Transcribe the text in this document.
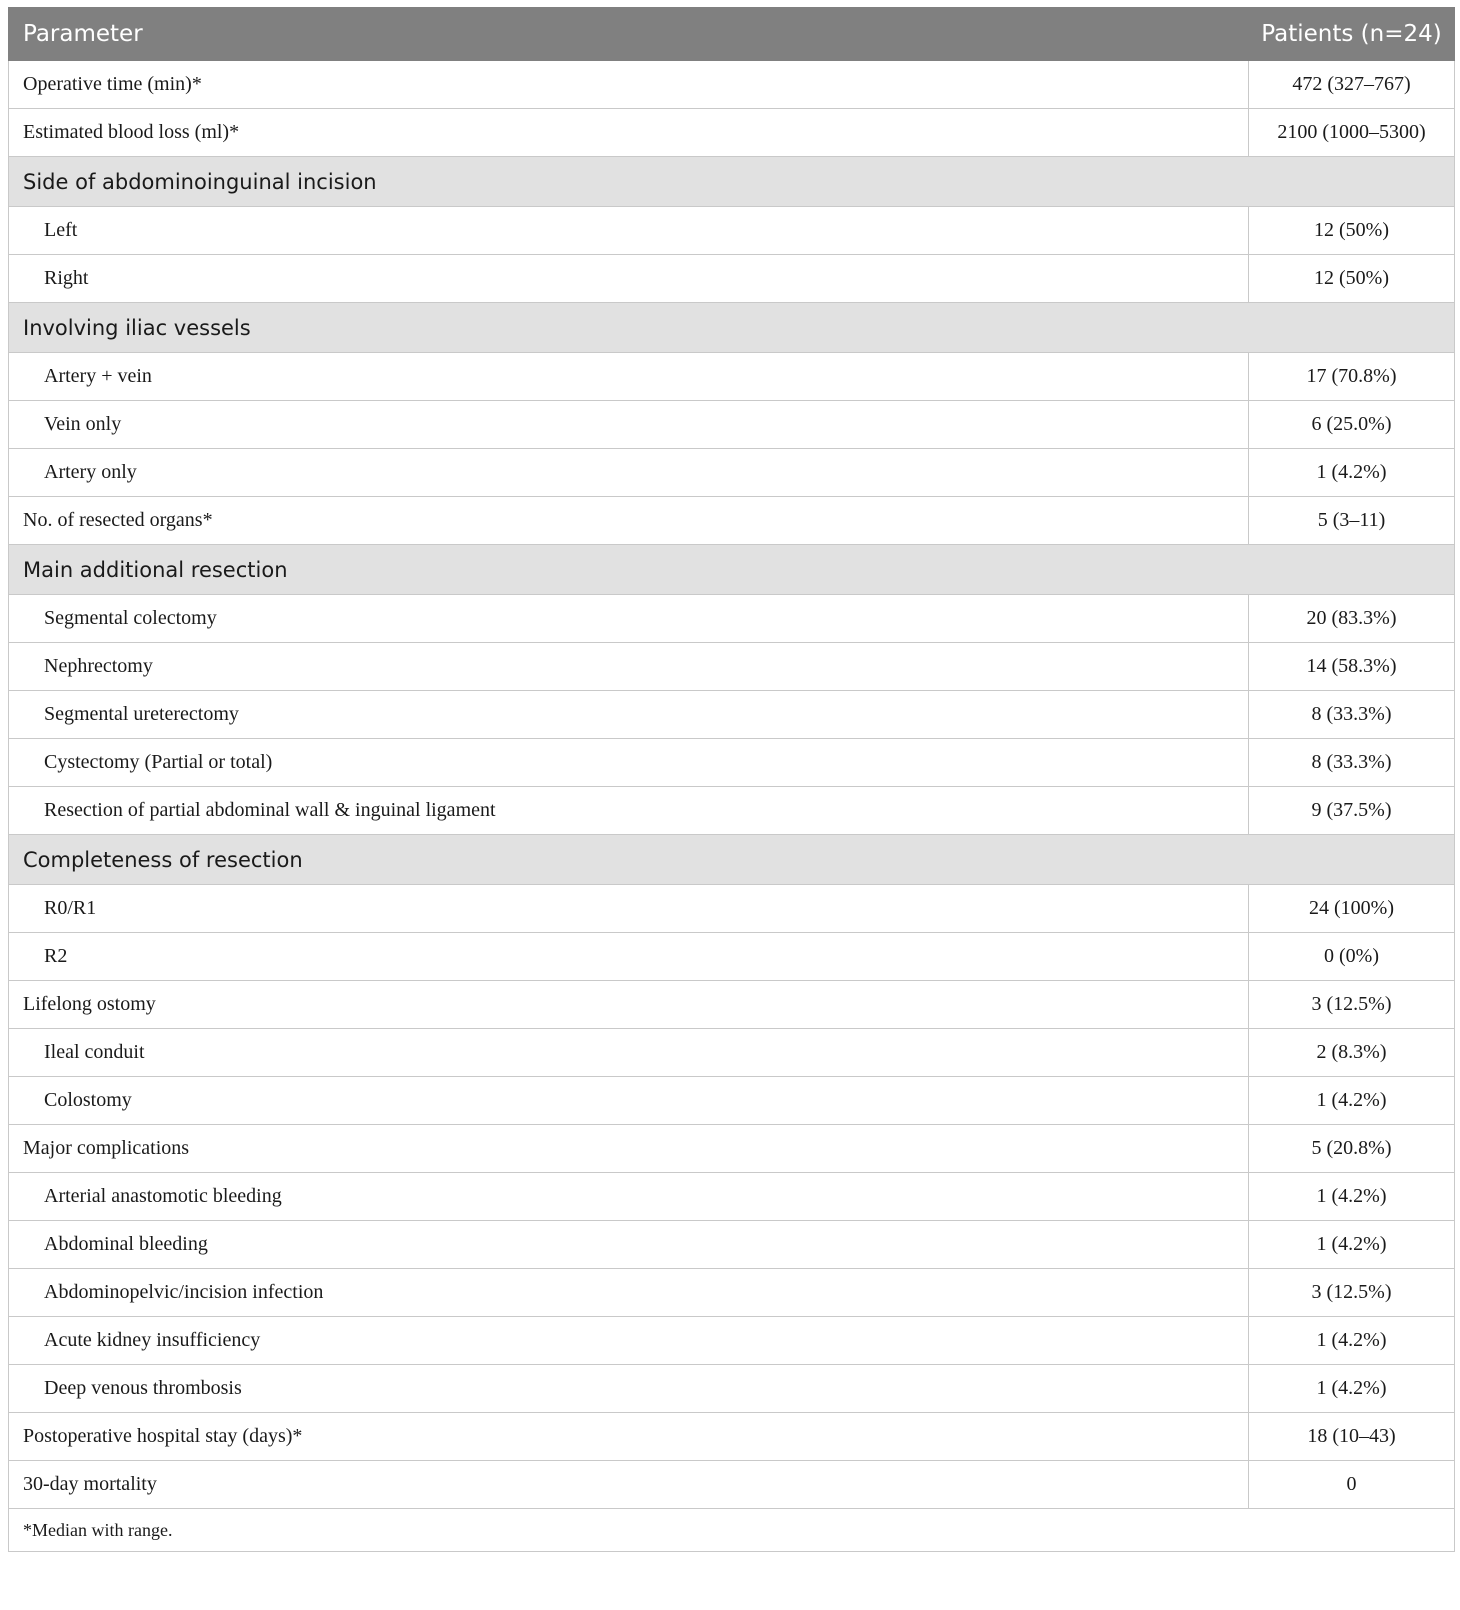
Parameter	Patients (n=24)
Operative time (min)*	472 (327–767)
Estimated blood loss (ml)*	2100 (1000–5300)
Side of abdominoinguinal incision	
Left	12 (50%)
Right	12 (50%)
Involving iliac vessels	
Artery + vein	17 (70.8%)
Vein only	6 (25.0%)
Artery only	1 (4.2%)
No. of resected organs*	5 (3–11)
Main additional resection	
Segmental colectomy	20 (83.3%)
Nephrectomy	14 (58.3%)
Segmental ureterectomy	8 (33.3%)
Cystectomy (Partial or total)	8 (33.3%)
Resection of partial abdominal wall & inguinal ligament	9 (37.5%)
Completeness of resection	
R0/R1	24 (100%)
R2	0 (0%)
Lifelong ostomy	3 (12.5%)
Ileal conduit	2 (8.3%)
Colostomy	1 (4.2%)
Major complications	5 (20.8%)
Arterial anastomotic bleeding	1 (4.2%)
Abdominal bleeding	1 (4.2%)
Abdominopelvic/incision infection	3 (12.5%)
Acute kidney insufficiency	1 (4.2%)
Deep venous thrombosis	1 (4.2%)
Postoperative hospital stay (days)*	18 (10–43)
30-day mortality	0
*Median with range.	
